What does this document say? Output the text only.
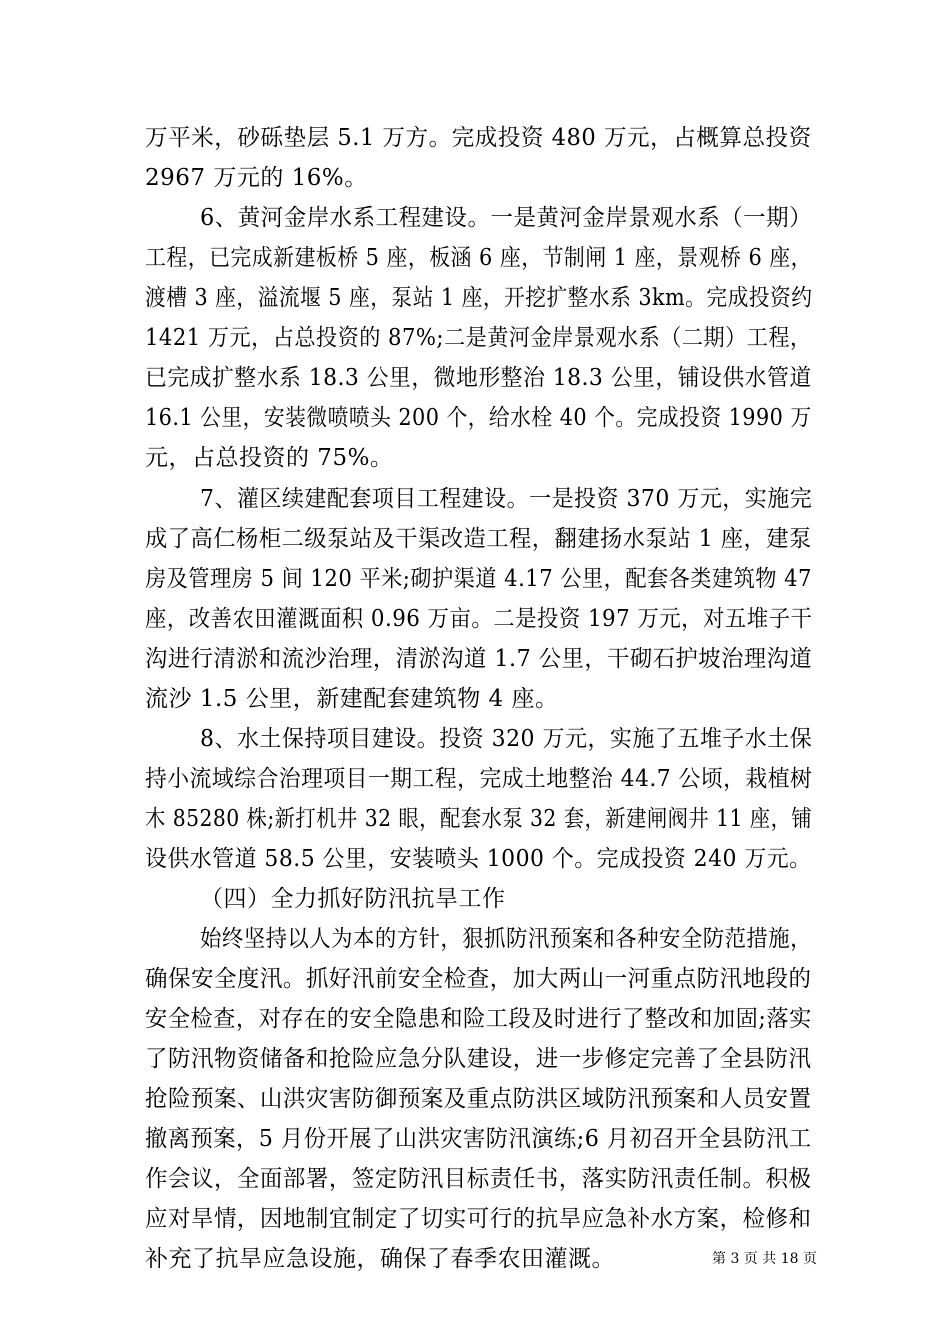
万平米，砂砾垫层 5.1 万方。完成投资 480 万元，占概算总投资
2967 万元的 16%。
6、黄河金岸水系工程建设。一是黄河金岸景观水系（一期）
工程，已完成新建板桥 5 座，板涵 6 座，节制闸 1 座，景观桥 6 座，
渡槽 3 座，溢流堰 5 座，泵站 1 座，开挖扩整水系 3km。完成投资约
1421 万元，占总投资的 87%;二是黄河金岸景观水系（二期）工程，
已完成扩整水系 18.3 公里，微地形整治 18.3 公里，铺设供水管道
16.1 公里，安装微喷喷头 200 个，给水栓 40 个。完成投资 1990 万
元，占总投资的 75%。
7、灌区续建配套项目工程建设。一是投资 370 万元，实施完
成了高仁杨柜二级泵站及干渠改造工程，翻建扬水泵站 1 座，建泵
房及管理房 5 间 120 平米;砌护渠道 4.17 公里，配套各类建筑物 47
座，改善农田灌溉面积 0.96 万亩。二是投资 197 万元，对五堆子干
沟进行清淤和流沙治理，清淤沟道 1.7 公里，干砌石护坡治理沟道
流沙 1.5 公里，新建配套建筑物 4 座。
8、水土保持项目建设。投资 320 万元，实施了五堆子水土保
持小流域综合治理项目一期工程，完成土地整治 44.7 公顷，栽植树
木 85280 株;新打机井 32 眼，配套水泵 32 套，新建闸阀井 11 座，铺
设供水管道 58.5 公里，安装喷头 1000 个。完成投资 240 万元。
（四）全力抓好防汛抗旱工作
始终坚持以人为本的方针，狠抓防汛预案和各种安全防范措施，
确保安全度汛。抓好汛前安全检查，加大两山一河重点防汛地段的
安全检查，对存在的安全隐患和险工段及时进行了整改和加固;落实
了防汛物资储备和抢险应急分队建设，进一步修定完善了全县防汛
抢险预案、山洪灾害防御预案及重点防洪区域防汛预案和人员安置
撤离预案，5 月份开展了山洪灾害防汛演练;6 月初召开全县防汛工
作会议，全面部署，签定防汛目标责任书，落实防汛责任制。积极
应对旱情，因地制宜制定了切实可行的抗旱应急补水方案，检修和
补充了抗旱应急设施，确保了春季农田灌溉。	第 3 页 共 18 页
